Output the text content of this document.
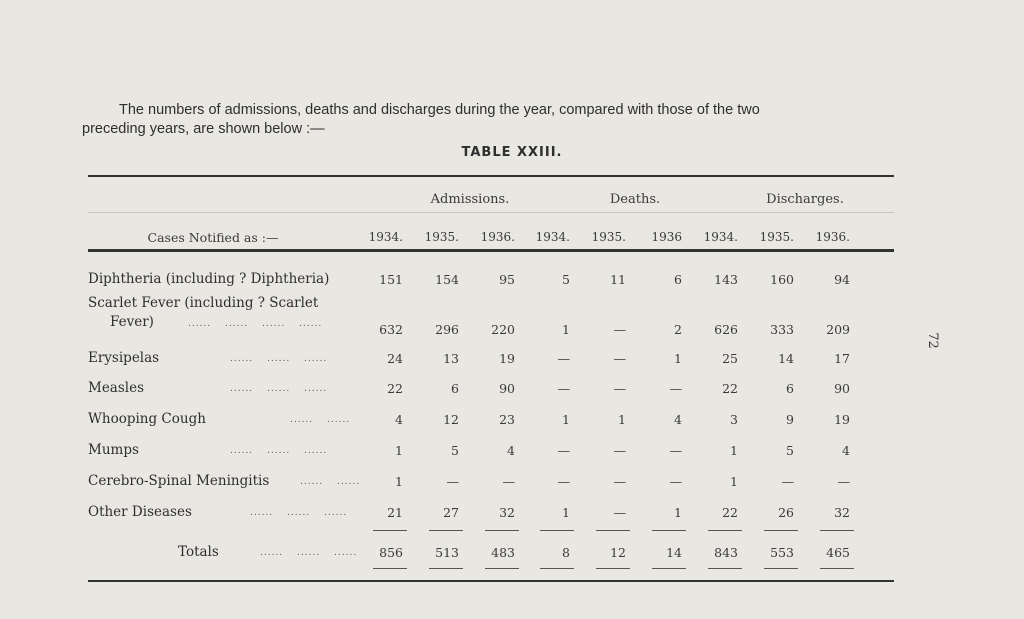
The numbers of admissions, deaths and discharges during the year, compared with those of the two
preceding years, are shown below :—
TABLE XXIII.
Admissions.	Deaths.	Discharges.
Cases Notified as :—	1934.	1935.	1936.	1934.	1935.	1936	1934.	1935.	1936.
Diphtheria (including ? Diphtheria)	151	154	95	5	11	6	143	160	94
Scarlet Fever (including ? Scarlet
Fever)	......  ......  ......  ......	632	296	220	1	—	2	626	333	209
Erysipelas	......  ......  ......	24	13	19	—	—	1	25	14	17
Measles	......  ......  ......	22	6	90	—	—	—	22	6	90
Whooping Cough	......  ......	4	12	23	1	1	4	3	9	19
Mumps	......  ......  ......	1	5	4	—	—	—	1	5	4
Cerebro-Spinal Meningitis	......  ......	1	—	—	—	—	—	1	—	—
Other Diseases	......  ......  ......	21	27	32	1	—	1	22	26	32
Totals	......  ......  ......	856	513	483	8	12	14	843	553	465
72
